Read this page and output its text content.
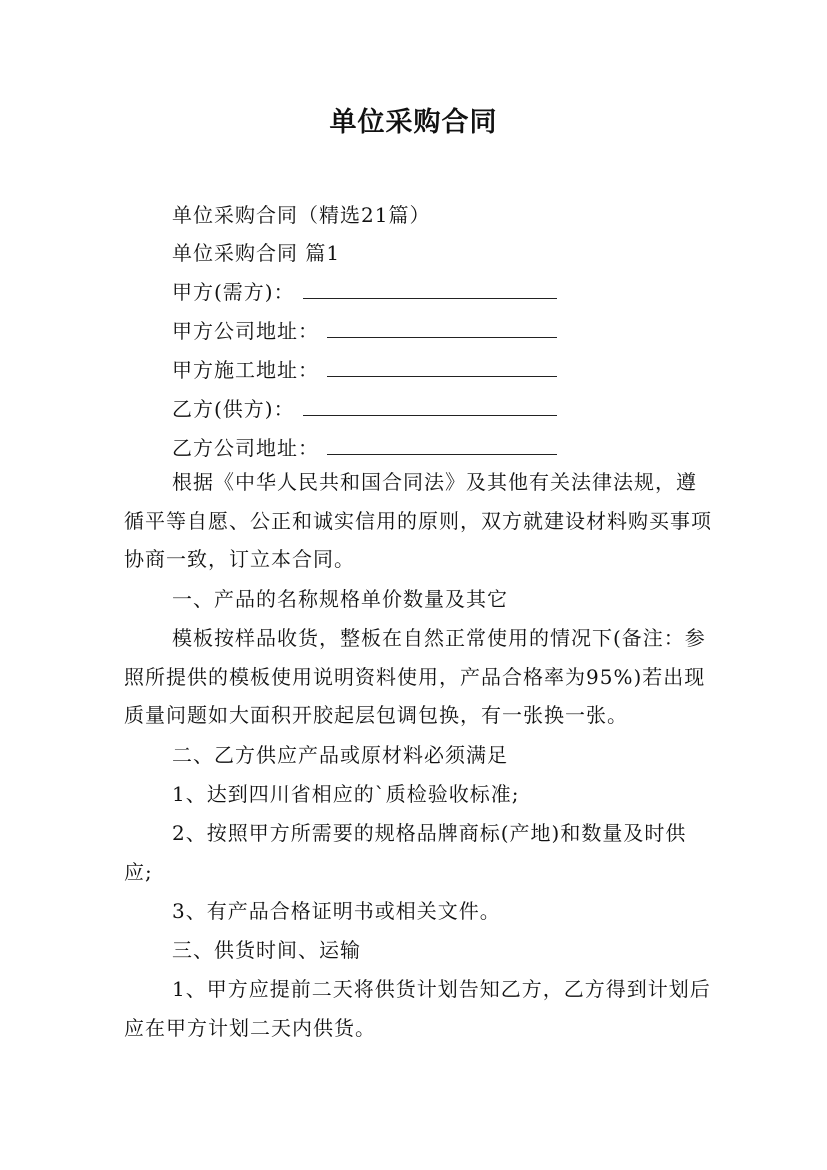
单位采购合同
单位采购合同（精选21篇）
单位采购合同 篇1
甲方(需方)：
甲方公司地址：
甲方施工地址：
乙方(供方)：
乙方公司地址：
根据《中华人民共和国合同法》及其他有关法律法规，遵循平等自愿、公正和诚实信用的原则，双方就建设材料购买事项协商一致，订立本合同。
一、产品的名称规格单价数量及其它
模板按样品收货，整板在自然正常使用的情况下(备注：参照所提供的模板使用说明资料使用，产品合格率为95%)若出现质量问题如大面积开胶起层包调包换，有一张换一张。
二、乙方供应产品或原材料必须满足
1、达到四川省相应的`质检验收标准;
2、按照甲方所需要的规格品牌商标(产地)和数量及时供应;
3、有产品合格证明书或相关文件。
三、供货时间、运输
1、甲方应提前二天将供货计划告知乙方，乙方得到计划后应在甲方计划二天内供货。
